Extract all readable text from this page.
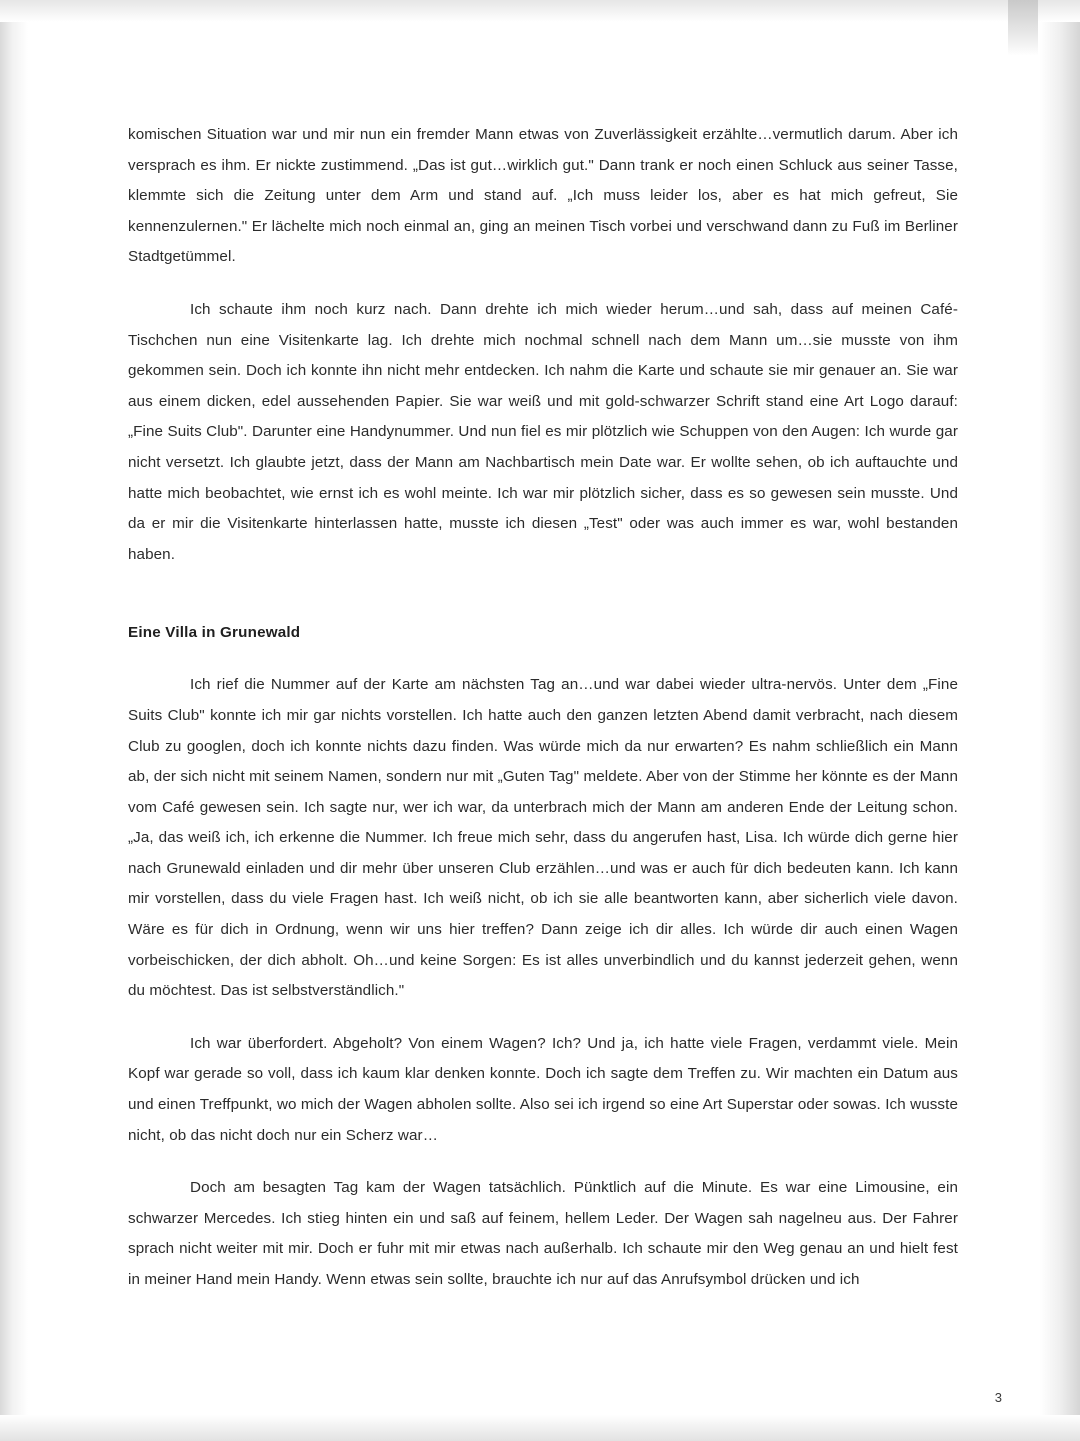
komischen Situation war und mir nun ein fremder Mann etwas von Zuverlässigkeit erzählte…vermutlich darum. Aber ich versprach es ihm. Er nickte zustimmend. „Das ist gut…wirklich gut." Dann trank er noch einen Schluck aus seiner Tasse, klemmte sich die Zeitung unter dem Arm und stand auf. „Ich muss leider los, aber es hat mich gefreut, Sie kennenzulernen." Er lächelte mich noch einmal an, ging an meinen Tisch vorbei und verschwand dann zu Fuß im Berliner Stadtgetümmel.

Ich schaute ihm noch kurz nach. Dann drehte ich mich wieder herum…und sah, dass auf meinen Café-Tischchen nun eine Visitenkarte lag. Ich drehte mich nochmal schnell nach dem Mann um…sie musste von ihm gekommen sein. Doch ich konnte ihn nicht mehr entdecken. Ich nahm die Karte und schaute sie mir genauer an. Sie war aus einem dicken, edel aussehenden Papier. Sie war weiß und mit gold-schwarzer Schrift stand eine Art Logo darauf: „Fine Suits Club". Darunter eine Handynummer. Und nun fiel es mir plötzlich wie Schuppen von den Augen: Ich wurde gar nicht versetzt. Ich glaubte jetzt, dass der Mann am Nachbartisch mein Date war. Er wollte sehen, ob ich auftauchte und hatte mich beobachtet, wie ernst ich es wohl meinte. Ich war mir plötzlich sicher, dass es so gewesen sein musste. Und da er mir die Visitenkarte hinterlassen hatte, musste ich diesen „Test" oder was auch immer es war, wohl bestanden haben.

Eine Villa in Grunewald

Ich rief die Nummer auf der Karte am nächsten Tag an…und war dabei wieder ultra-nervös. Unter dem „Fine Suits Club" konnte ich mir gar nichts vorstellen. Ich hatte auch den ganzen letzten Abend damit verbracht, nach diesem Club zu googlen, doch ich konnte nichts dazu finden. Was würde mich da nur erwarten? Es nahm schließlich ein Mann ab, der sich nicht mit seinem Namen, sondern nur mit „Guten Tag" meldete. Aber von der Stimme her könnte es der Mann vom Café gewesen sein. Ich sagte nur, wer ich war, da unterbrach mich der Mann am anderen Ende der Leitung schon. „Ja, das weiß ich, ich erkenne die Nummer. Ich freue mich sehr, dass du angerufen hast, Lisa. Ich würde dich gerne hier nach Grunewald einladen und dir mehr über unseren Club erzählen…und was er auch für dich bedeuten kann. Ich kann mir vorstellen, dass du viele Fragen hast. Ich weiß nicht, ob ich sie alle beantworten kann, aber sicherlich viele davon. Wäre es für dich in Ordnung, wenn wir uns hier treffen? Dann zeige ich dir alles. Ich würde dir auch einen Wagen vorbeischicken, der dich abholt. Oh…und keine Sorgen: Es ist alles unverbindlich und du kannst jederzeit gehen, wenn du möchtest. Das ist selbstverständlich."

Ich war überfordert. Abgeholt? Von einem Wagen? Ich? Und ja, ich hatte viele Fragen, verdammt viele. Mein Kopf war gerade so voll, dass ich kaum klar denken konnte. Doch ich sagte dem Treffen zu. Wir machten ein Datum aus und einen Treffpunkt, wo mich der Wagen abholen sollte. Also sei ich irgend so eine Art Superstar oder sowas. Ich wusste nicht, ob das nicht doch nur ein Scherz war…

Doch am besagten Tag kam der Wagen tatsächlich. Pünktlich auf die Minute. Es war eine Limousine, ein schwarzer Mercedes. Ich stieg hinten ein und saß auf feinem, hellem Leder. Der Wagen sah nagelneu aus. Der Fahrer sprach nicht weiter mit mir. Doch er fuhr mit mir etwas nach außerhalb. Ich schaute mir den Weg genau an und hielt fest in meiner Hand mein Handy. Wenn etwas sein sollte, brauchte ich nur auf das Anrufsymbol drücken und ich

3
